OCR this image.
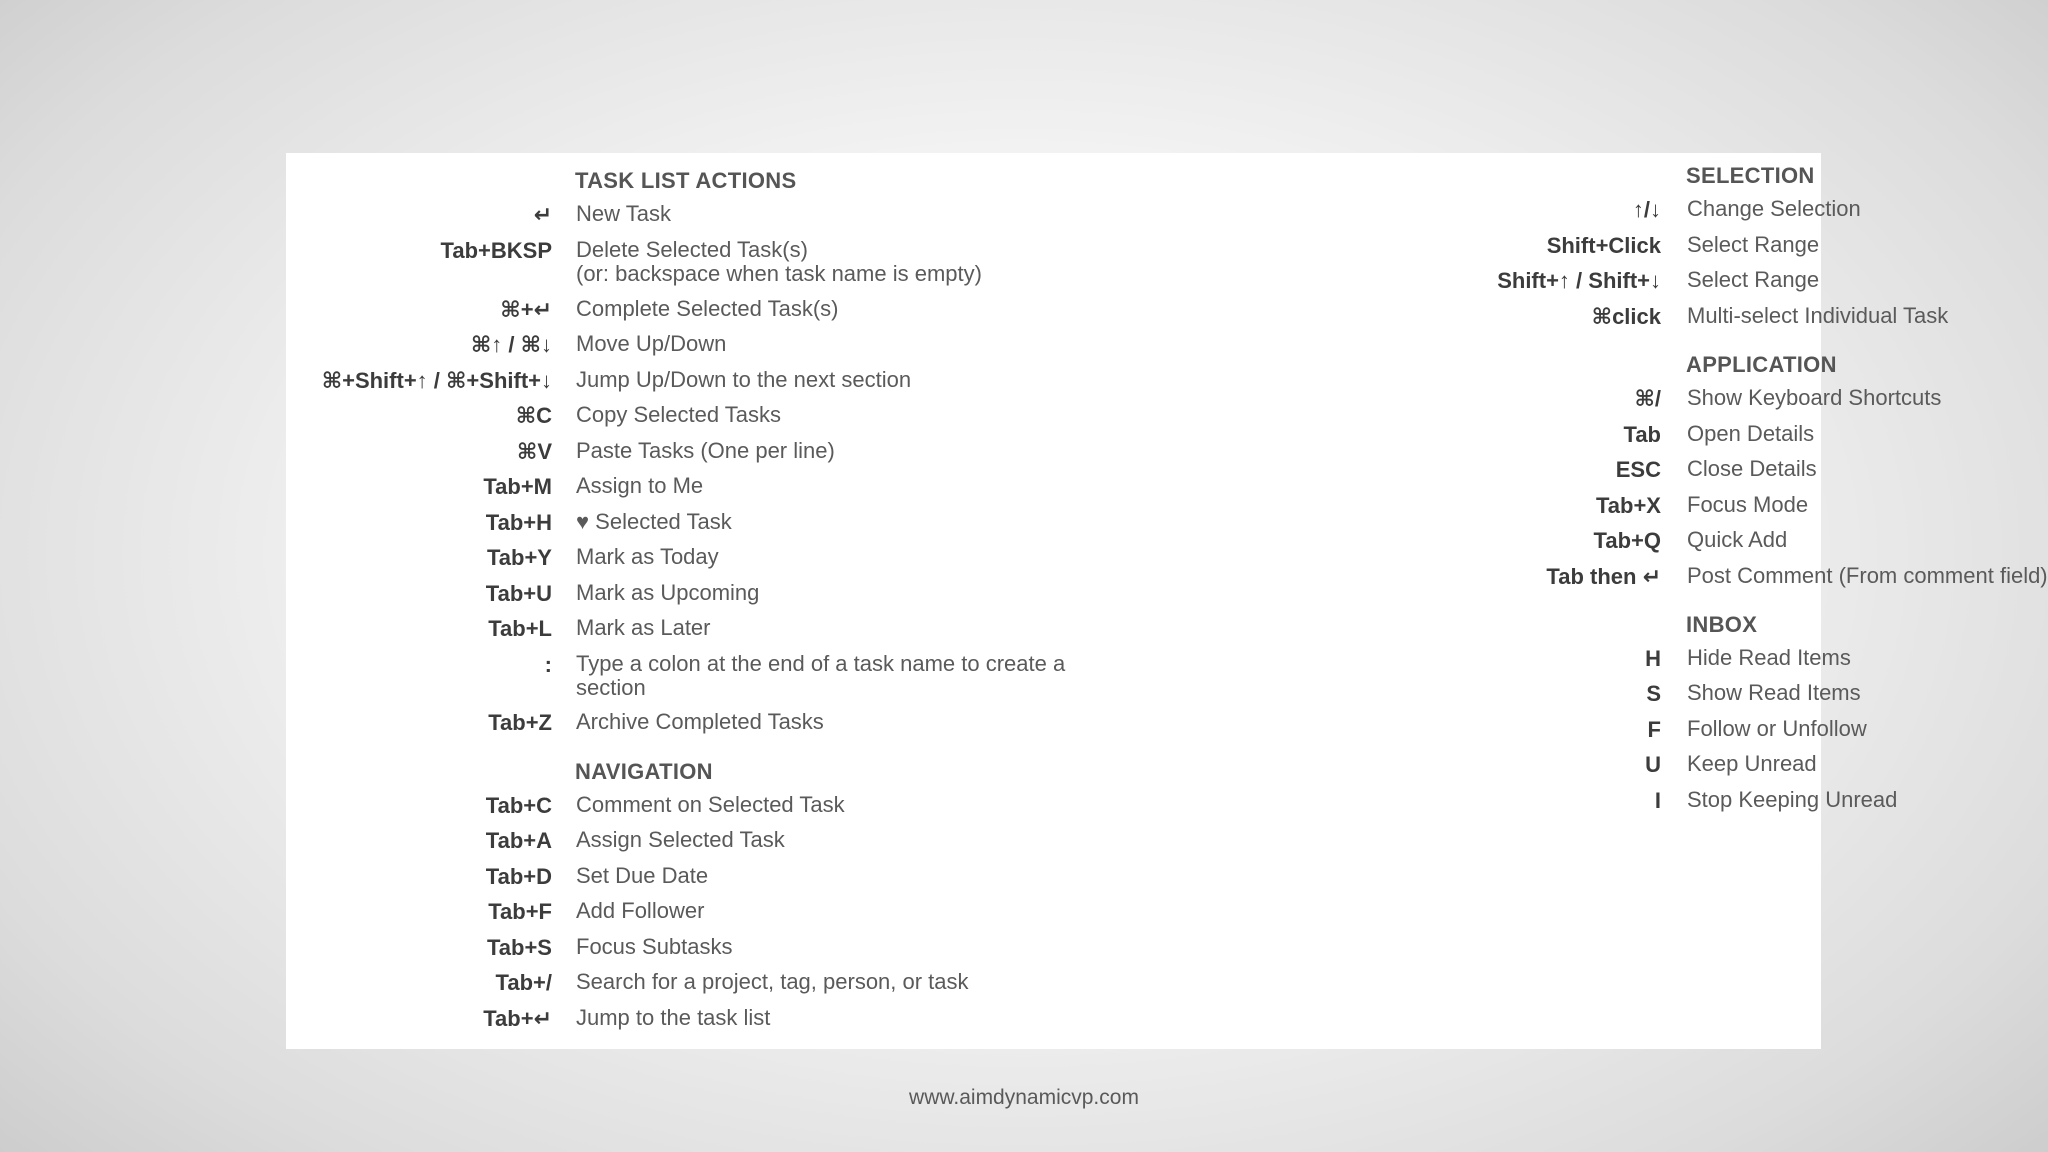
TASK LIST ACTIONS
↵ New Task
Tab+BKSP Delete Selected Task(s)
(or: backspace when task name is empty)
⌘+↵ Complete Selected Task(s)
⌘↑ / ⌘↓ Move Up/Down
⌘+Shift+↑ / ⌘+Shift+↓ Jump Up/Down to the next section
⌘C Copy Selected Tasks
⌘V Paste Tasks (One per line)
Tab+M Assign to Me
Tab+H ♥ Selected Task
Tab+Y Mark as Today
Tab+U Mark as Upcoming
Tab+L Mark as Later
: Type a colon at the end of a task name to create a
section
Tab+Z Archive Completed Tasks
NAVIGATION
Tab+C Comment on Selected Task
Tab+A Assign Selected Task
Tab+D Set Due Date
Tab+F Add Follower
Tab+S Focus Subtasks
Tab+/ Search for a project, tag, person, or task
Tab+↵ Jump to the task list
SELECTION
↑/↓ Change Selection
Shift+Click Select Range
Shift+↑ / Shift+↓ Select Range
⌘click Multi-select Individual Task
APPLICATION
⌘/ Show Keyboard Shortcuts
Tab Open Details
ESC Close Details
Tab+X Focus Mode
Tab+Q Quick Add
Tab then ↵ Post Comment (From comment field)
INBOX
H Hide Read Items
S Show Read Items
F Follow or Unfollow
U Keep Unread
I Stop Keeping Unread
www.aimdynamicvp.com
